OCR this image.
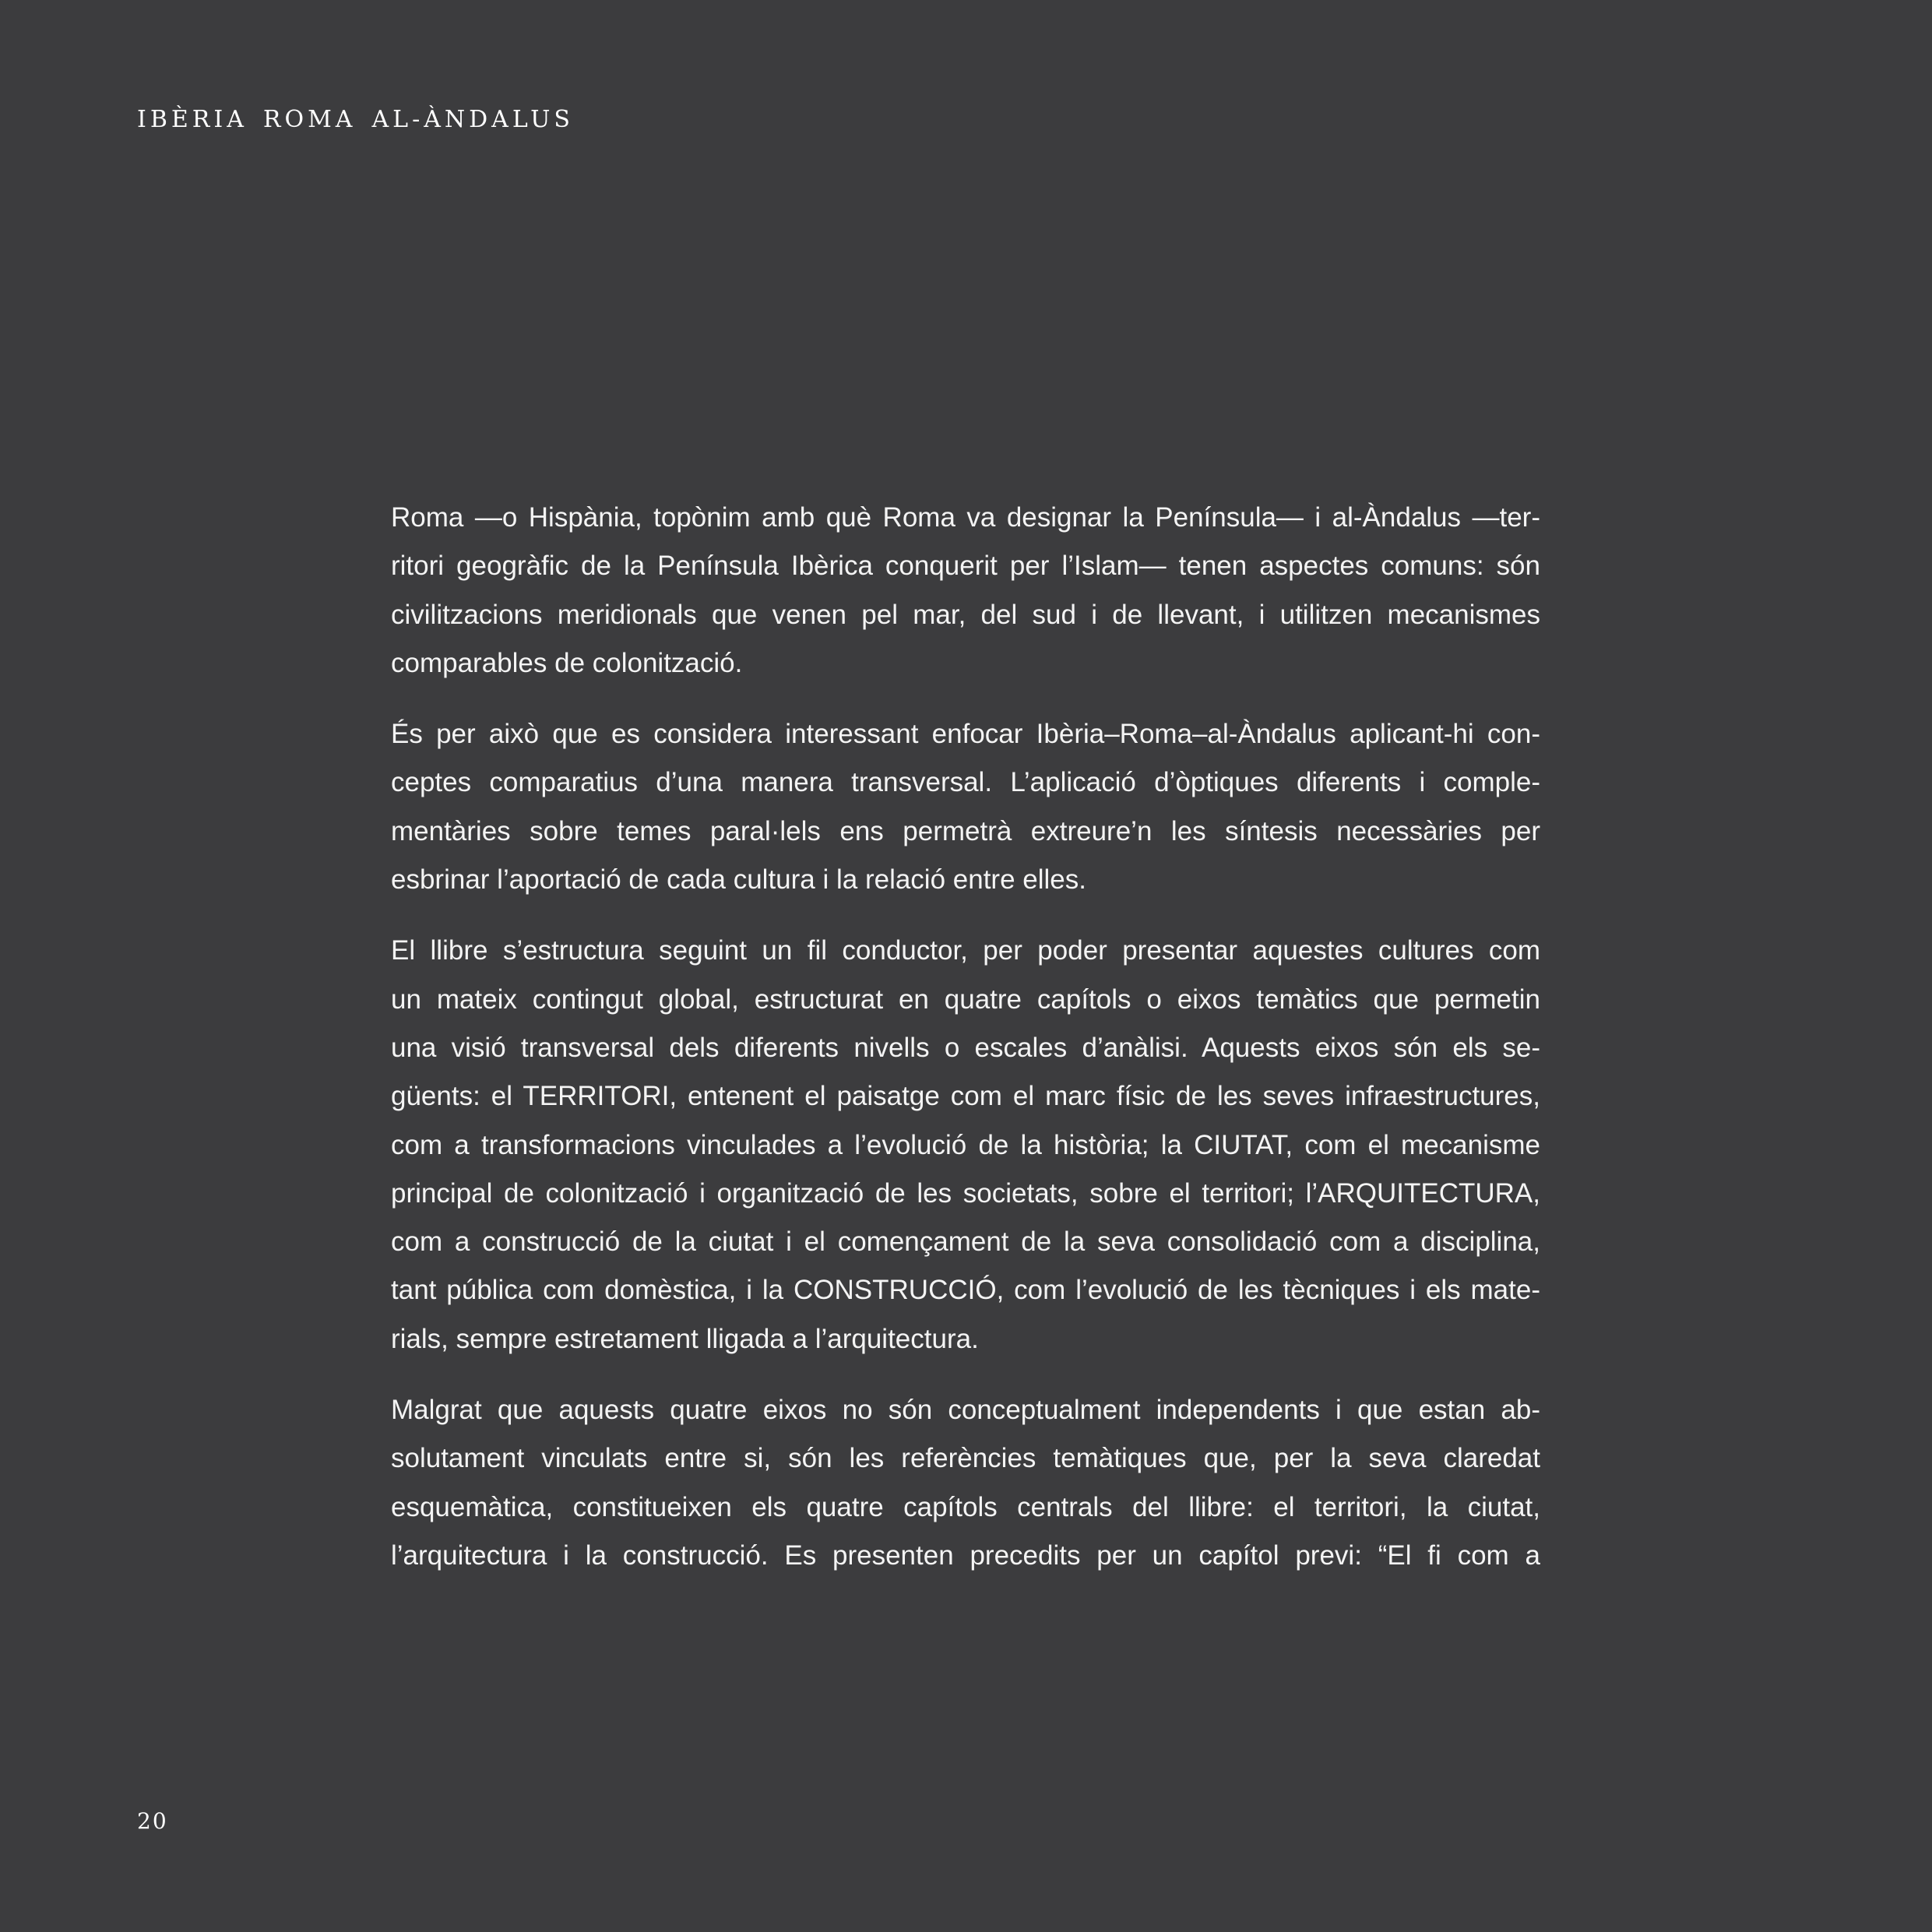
IBÈRIA ROMA AL-ÀNDALUS

Roma —o Hispània, topònim amb què Roma va designar la Península— i al-Àndalus —ter-
ritori geogràfic de la Península Ibèrica conquerit per l’Islam— tenen aspectes comuns: són
civilitzacions meridionals que venen pel mar, del sud i de llevant, i utilitzen mecanismes
comparables de colonització.

És per això que es considera interessant enfocar Ibèria–Roma–al-Àndalus aplicant-hi con-
ceptes comparatius d’una manera transversal. L’aplicació d’òptiques diferents i comple-
mentàries sobre temes paral·lels ens permetrà extreure’n les síntesis necessàries per
esbrinar l’aportació de cada cultura i la relació entre elles.

El llibre s’estructura seguint un fil conductor, per poder presentar aquestes cultures com
un mateix contingut global, estructurat en quatre capítols o eixos temàtics que permetin
una visió transversal dels diferents nivells o escales d’anàlisi. Aquests eixos són els se-
güents: el TERRITORI, entenent el paisatge com el marc físic de les seves infraestructures,
com a transformacions vinculades a l’evolució de la història; la CIUTAT, com el mecanisme
principal de colonització i organització de les societats, sobre el territori; l’ARQUITECTURA,
com a construcció de la ciutat i el començament de la seva consolidació com a disciplina,
tant pública com domèstica, i la CONSTRUCCIÓ, com l’evolució de les tècniques i els mate-
rials, sempre estretament lligada a l’arquitectura.

Malgrat que aquests quatre eixos no són conceptualment independents i que estan ab-
solutament vinculats entre si, són les referències temàtiques que, per la seva claredat
esquemàtica, constitueixen els quatre capítols centrals del llibre: el territori, la ciutat,
l’arquitectura i la construcció. Es presenten precedits per un capítol previ: “El fi com a

20
